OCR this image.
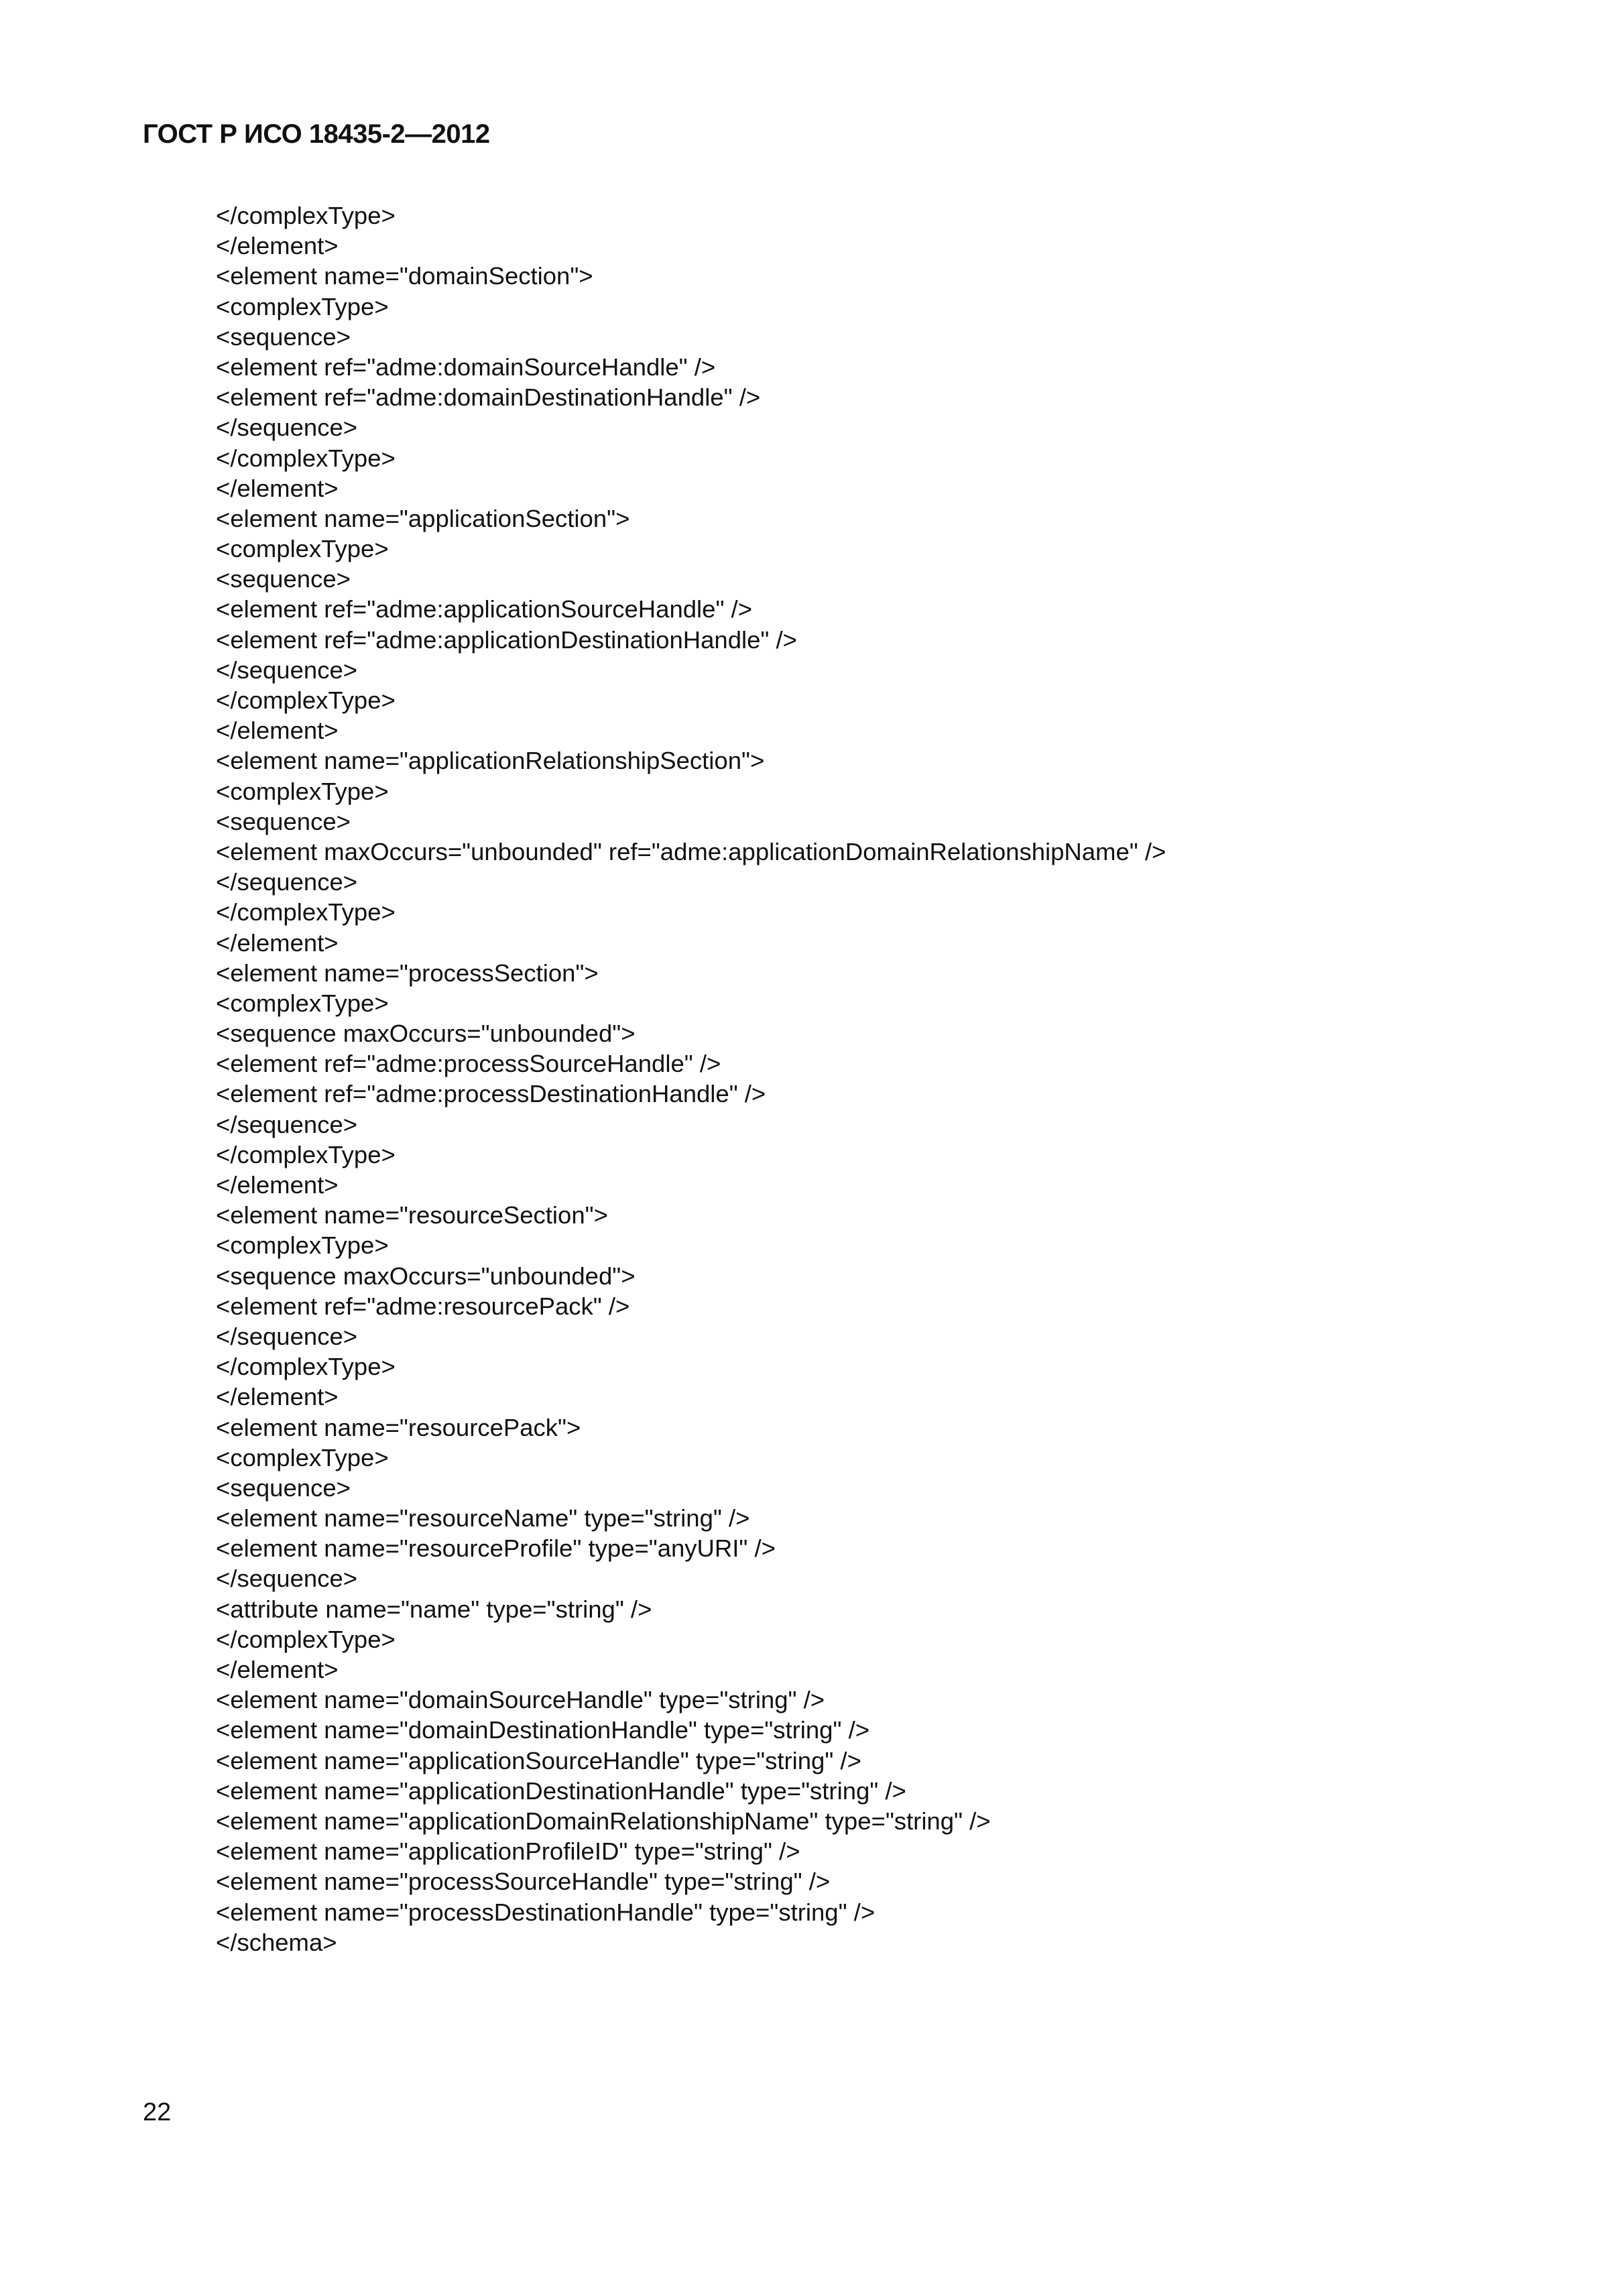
ГОСТ Р ИСО 18435-2—2012
</complexType>
</element>
<element name="domainSection">
<complexType>
<sequence>
<element ref="adme:domainSourceHandle" />
<element ref="adme:domainDestinationHandle" />
</sequence>
</complexType>
</element>
<element name="applicationSection">
<complexType>
<sequence>
<element ref="adme:applicationSourceHandle" />
<element ref="adme:applicationDestinationHandle" />
</sequence>
</complexType>
</element>
<element name="applicationRelationshipSection">
<complexType>
<sequence>
<element maxOccurs="unbounded" ref="adme:applicationDomainRelationshipName" />
</sequence>
</complexType>
</element>
<element name="processSection">
<complexType>
<sequence maxOccurs="unbounded">
<element ref="adme:processSourceHandle" />
<element ref="adme:processDestinationHandle" />
</sequence>
</complexType>
</element>
<element name="resourceSection">
<complexType>
<sequence maxOccurs="unbounded">
<element ref="adme:resourcePack" />
</sequence>
</complexType>
</element>
<element name="resourcePack">
<complexType>
<sequence>
<element name="resourceName" type="string" />
<element name="resourceProfile" type="anyURI" />
</sequence>
<attribute name="name" type="string" />
</complexType>
</element>
<element name="domainSourceHandle" type="string" />
<element name="domainDestinationHandle" type="string" />
<element name="applicationSourceHandle" type="string" />
<element name="applicationDestinationHandle" type="string" />
<element name="applicationDomainRelationshipName" type="string" />
<element name="applicationProfileID" type="string" />
<element name="processSourceHandle" type="string" />
<element name="processDestinationHandle" type="string" />
</schema>
22
